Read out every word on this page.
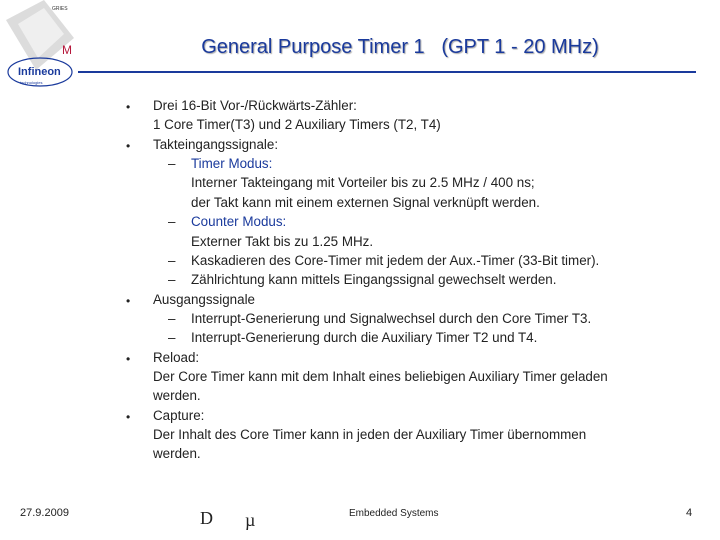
GRIES
M
Infineon
technologies
General Purpose Timer 1   (GPT 1 - 20 MHz)
• Drei 16-Bit Vor-/Rückwärts-Zähler:
1 Core Timer(T3) und 2 Auxiliary Timers (T2, T4)
• Takteingangssignale:
– Timer Modus:
Interner Takteingang mit Vorteiler bis zu 2.5 MHz / 400 ns;
der Takt kann mit einem externen Signal verknüpft werden.
– Counter Modus:
Externer Takt bis zu 1.25 MHz.
– Kaskadieren des Core-Timer mit jedem der Aux.-Timer (33-Bit timer).
– Zählrichtung kann mittels Eingangssignal gewechselt werden.
• Ausgangssignale
– Interrupt-Generierung und Signalwechsel durch den Core Timer T3.
– Interrupt-Generierung durch die Auxiliary Timer T2 und T4.
• Reload:
Der Core Timer kann mit dem Inhalt eines beliebigen Auxiliary Timer geladen
werden.
• Capture:
Der Inhalt des Core Timer kann in jeden der Auxiliary Timer übernommen
werden.
27.9.2009	D µ	Embedded Systems	4
